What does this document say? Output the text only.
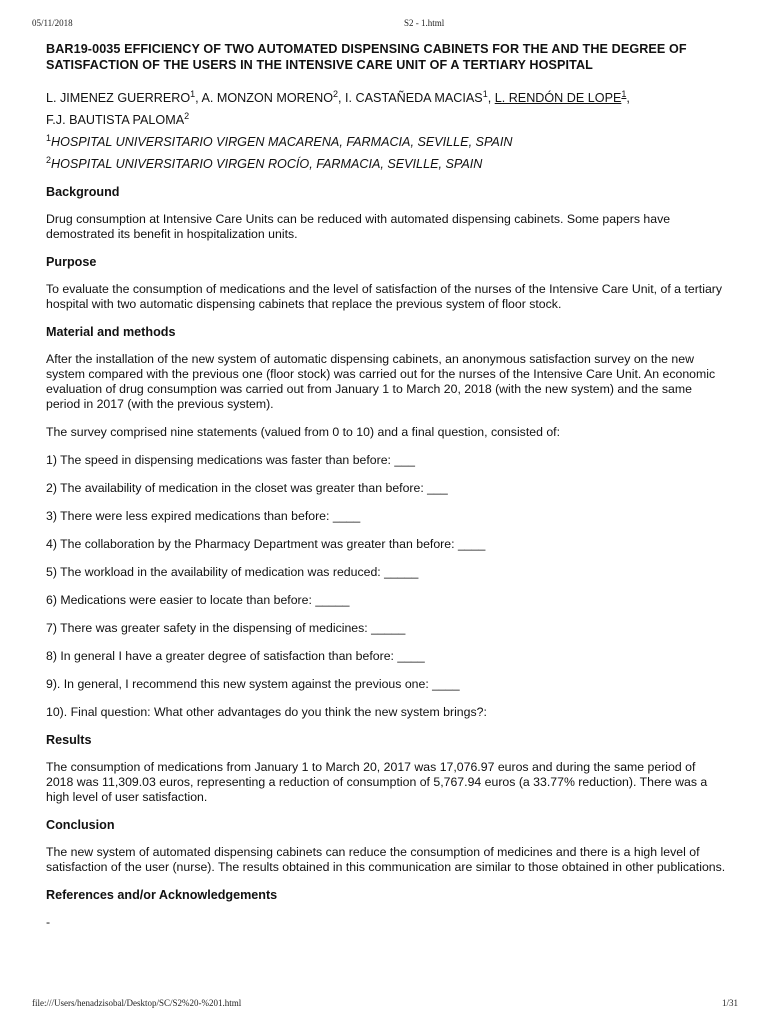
05/11/2018	S2 - 1.html
BAR19-0035 EFFICIENCY OF TWO AUTOMATED DISPENSING CABINETS FOR THE AND THE DEGREE OF SATISFACTION OF THE USERS IN THE INTENSIVE CARE UNIT OF A TERTIARY HOSPITAL

L. JIMENEZ GUERRERO$^1$, A. MONZON MORENO$^2$, I. CASTAÑEDA MACIAS$^1$, L. RENDÓN DE LOPE$^1$,
F.J. BAUTISTA PALOMA$^2$

$^1$HOSPITAL UNIVERSITARIO VIRGEN MACARENA, FARMACIA, SEVILLE, SPAIN

$^2$HOSPITAL UNIVERSITARIO VIRGEN ROCÍO, FARMACIA, SEVILLE, SPAIN

Background

Drug consumption at Intensive Care Units can be reduced with automated dispensing cabinets. Some papers have demostrated its benefit in hospitalization units.

Purpose

To evaluate the consumption of medications and the level of satisfaction of the nurses of the Intensive Care Unit, of a tertiary hospital with two automatic dispensing cabinets that replace the previous system of floor stock.

Material and methods

After the installation of the new system of automatic dispensing cabinets, an anonymous satisfaction survey on the new system compared with the previous one (floor stock) was carried out for the nurses of the Intensive Care Unit. An economic evaluation of drug consumption was carried out from January 1 to March 20, 2018 (with the new system) and the same period in 2017 (with the previous system).

The survey comprised nine statements (valued from 0 to 10) and a final question, consisted of:

1) The speed in dispensing medications was faster than before: ___

2) The availability of medication in the closet was greater than before: ___

3) There were less expired medications than before: ____

4) The collaboration by the Pharmacy Department was greater than before: ____

5) The workload in the availability of medication was reduced: _____

6) Medications were easier to locate than before: _____

7) There was greater safety in the dispensing of medicines: _____

8) In general I have a greater degree of satisfaction than before: ____

9). In general, I recommend this new system against the previous one: ____

10). Final question: What other advantages do you think the new system brings?:

Results

The consumption of medications from January 1 to March 20, 2017 was 17,076.97 euros and during the same period of 2018 was 11,309.03 euros, representing a reduction of consumption of 5,767.94 euros (a 33.77% reduction). There was a high level of user satisfaction.

Conclusion

The new system of automated dispensing cabinets can reduce the consumption of medicines and there is a high level of satisfaction of the user (nurse). The results obtained in this communication are similar to those obtained in other publications.

References and/or Acknowledgements

-

file:///Users/henadzisobal/Desktop/SC/S2%20-%201.html	1/31
